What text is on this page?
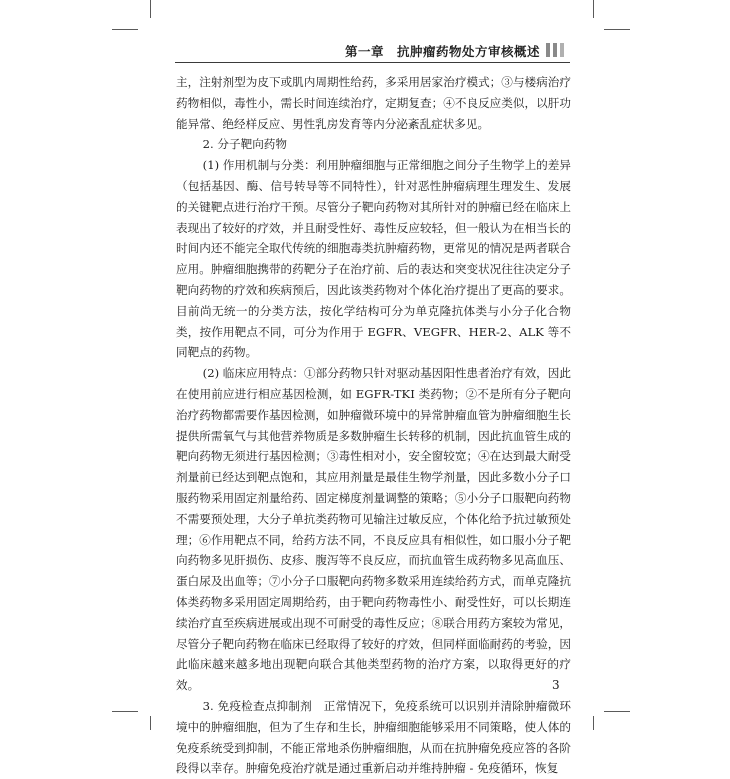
第一章　抗肿瘤药物处方审核概述

主，注射剂型为皮下或肌内周期性给药，多采用居家治疗模式；③与楼病治疗药物相似，毒性小，需长时间连续治疗，定期复查；④不良反应类似，以肝功能异常、绝经样反应、男性乳房发育等内分泌紊乱症状多见。

2. 分子靶向药物

(1) 作用机制与分类：利用肿瘤细胞与正常细胞之间分子生物学上的差异（包括基因、酶、信号转导等不同特性），针对恶性肿瘤病理生理发生、发展的关键靶点进行治疗干预。尽管分子靶向药物对其所针对的肿瘤已经在临床上表现出了较好的疗效，并且耐受性好、毒性反应较轻，但一般认为在相当长的时间内还不能完全取代传统的细胞毒类抗肿瘤药物，更常见的情况是两者联合应用。肿瘤细胞携带的药靶分子在治疗前、后的表达和突变状况往往决定分子靶向药物的疗效和疾病预后，因此该类药物对个体化治疗提出了更高的要求。目前尚无统一的分类方法，按化学结构可分为单克隆抗体类与小分子化合物类，按作用靶点不同，可分为作用于 EGFR、VEGFR、HER-2、ALK 等不同靶点的药物。

(2) 临床应用特点：①部分药物只针对驱动基因阳性患者治疗有效，因此在使用前应进行相应基因检测，如 EGFR-TKI 类药物；②不是所有分子靶向治疗药物都需要作基因检测，如肿瘤微环境中的异常肿瘤血管为肿瘤细胞生长提供所需氧气与其他营养物质是多数肿瘤生长转移的机制，因此抗血管生成的靶向药物无须进行基因检测；③毒性相对小，安全窗较宽；④在达到最大耐受剂量前已经达到靶点饱和，其应用剂量是最佳生物学剂量，因此多数小分子口服药物采用固定剂量给药、固定梯度剂量调整的策略；⑤小分子口服靶向药物不需要预处理，大分子单抗类药物可见输注过敏反应，个体化给予抗过敏预处理；⑥作用靶点不同，给药方法不同，不良反应具有相似性，如口服小分子靶向药物多见肝损伤、皮疹、腹泻等不良反应，而抗血管生成药物多见高血压、蛋白尿及出血等；⑦小分子口服靶向药物多数采用连续给药方式，而单克隆抗体类药物多采用固定周期给药，由于靶向药物毒性小、耐受性好，可以长期连续治疗直至疾病进展或出现不可耐受的毒性反应；⑧联合用药方案较为常见，尽管分子靶向药物在临床已经取得了较好的疗效，但同样面临耐药的考验，因此临床越来越多地出现靶向联合其他类型药物的治疗方案，以取得更好的疗效。

3. 免疫检查点抑制剂　正常情况下，免疫系统可以识别并清除肿瘤微环境中的肿瘤细胞，但为了生存和生长，肿瘤细胞能够采用不同策略，使人体的免疫系统受到抑制，不能正常地杀伤肿瘤细胞，从而在抗肿瘤免疫应答的各阶段得以幸存。肿瘤免疫治疗就是通过重新启动并维持肿瘤 - 免疫循环，恢复

3
